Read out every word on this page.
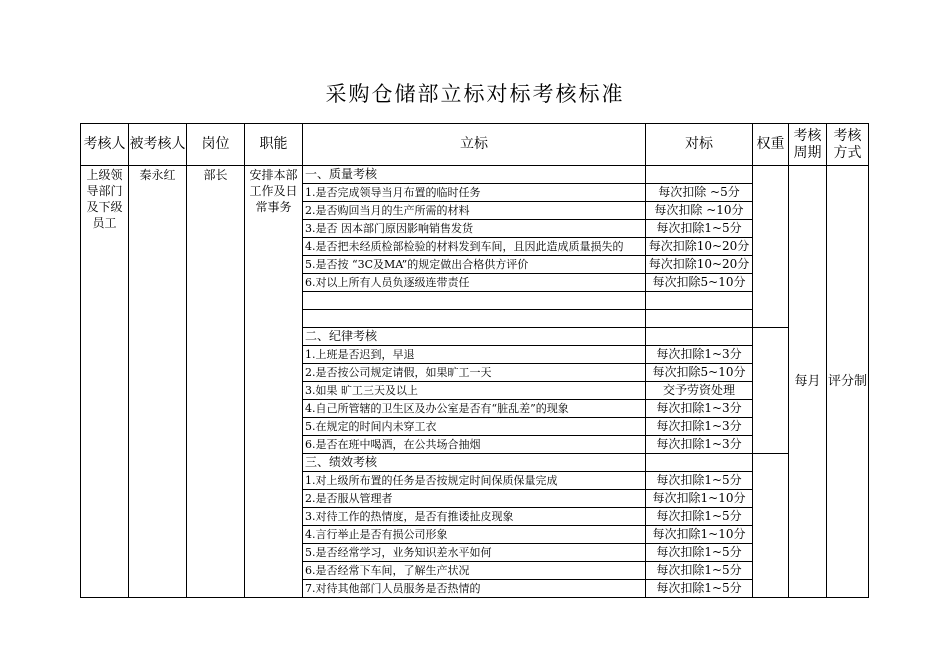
采购仓储部立标对标考核标准
考核人	被考核人	岗位	职能	立标	对标	权重	考核周期	考核方式
上级领导部门及下级员工	秦永红	部长	安排本部工作及日常事务	一、质量考核			每月	评分制
				1.是否完成领导当月布置的临时任务	每次扣除 ~5分			
				2.是否购回当月的生产所需的材料	每次扣除 ~10分			
				3.是否 因本部门原因影响销售发货	每次扣除1~5分			
				4.是否把未经质检部检验的材料发到车间，且因此造成质量损失的	每次扣除10~20分			
				5.是否按 “3C及MA”的规定做出合格供方评价	每次扣除10~20分			
				6.对以上所有人员负逐级连带责任	每次扣除5~10分			

				二、纪律考核				
				1.上班是否迟到，早退	每次扣除1~3分			
				2.是否按公司规定请假，如果旷工一天	每次扣除5~10分			
				3.如果 旷工三天及以上	交予劳资处理			
				4.自己所管辖的卫生区及办公室是否有“脏乱差”的现象	每次扣除1~3分			
				5.在规定的时间内未穿工衣	每次扣除1~3分			
				6.是否在班中喝酒，在公共场合抽烟	每次扣除1~3分			
				三、绩效考核				
				1.对上级所布置的任务是否按规定时间保质保量完成	每次扣除1~5分			
				2.是否服从管理者	每次扣除1~10分			
				3.对待工作的热情度，是否有推诿扯皮现象	每次扣除1~5分			
				4.言行举止是否有损公司形象	每次扣除1~10分			
				5.是否经常学习，业务知识差水平如何	每次扣除1~5分			
				6.是否经常下车间，了解生产状况	每次扣除1~5分			
				7.对待其他部门人员服务是否热情的	每次扣除1~5分			
